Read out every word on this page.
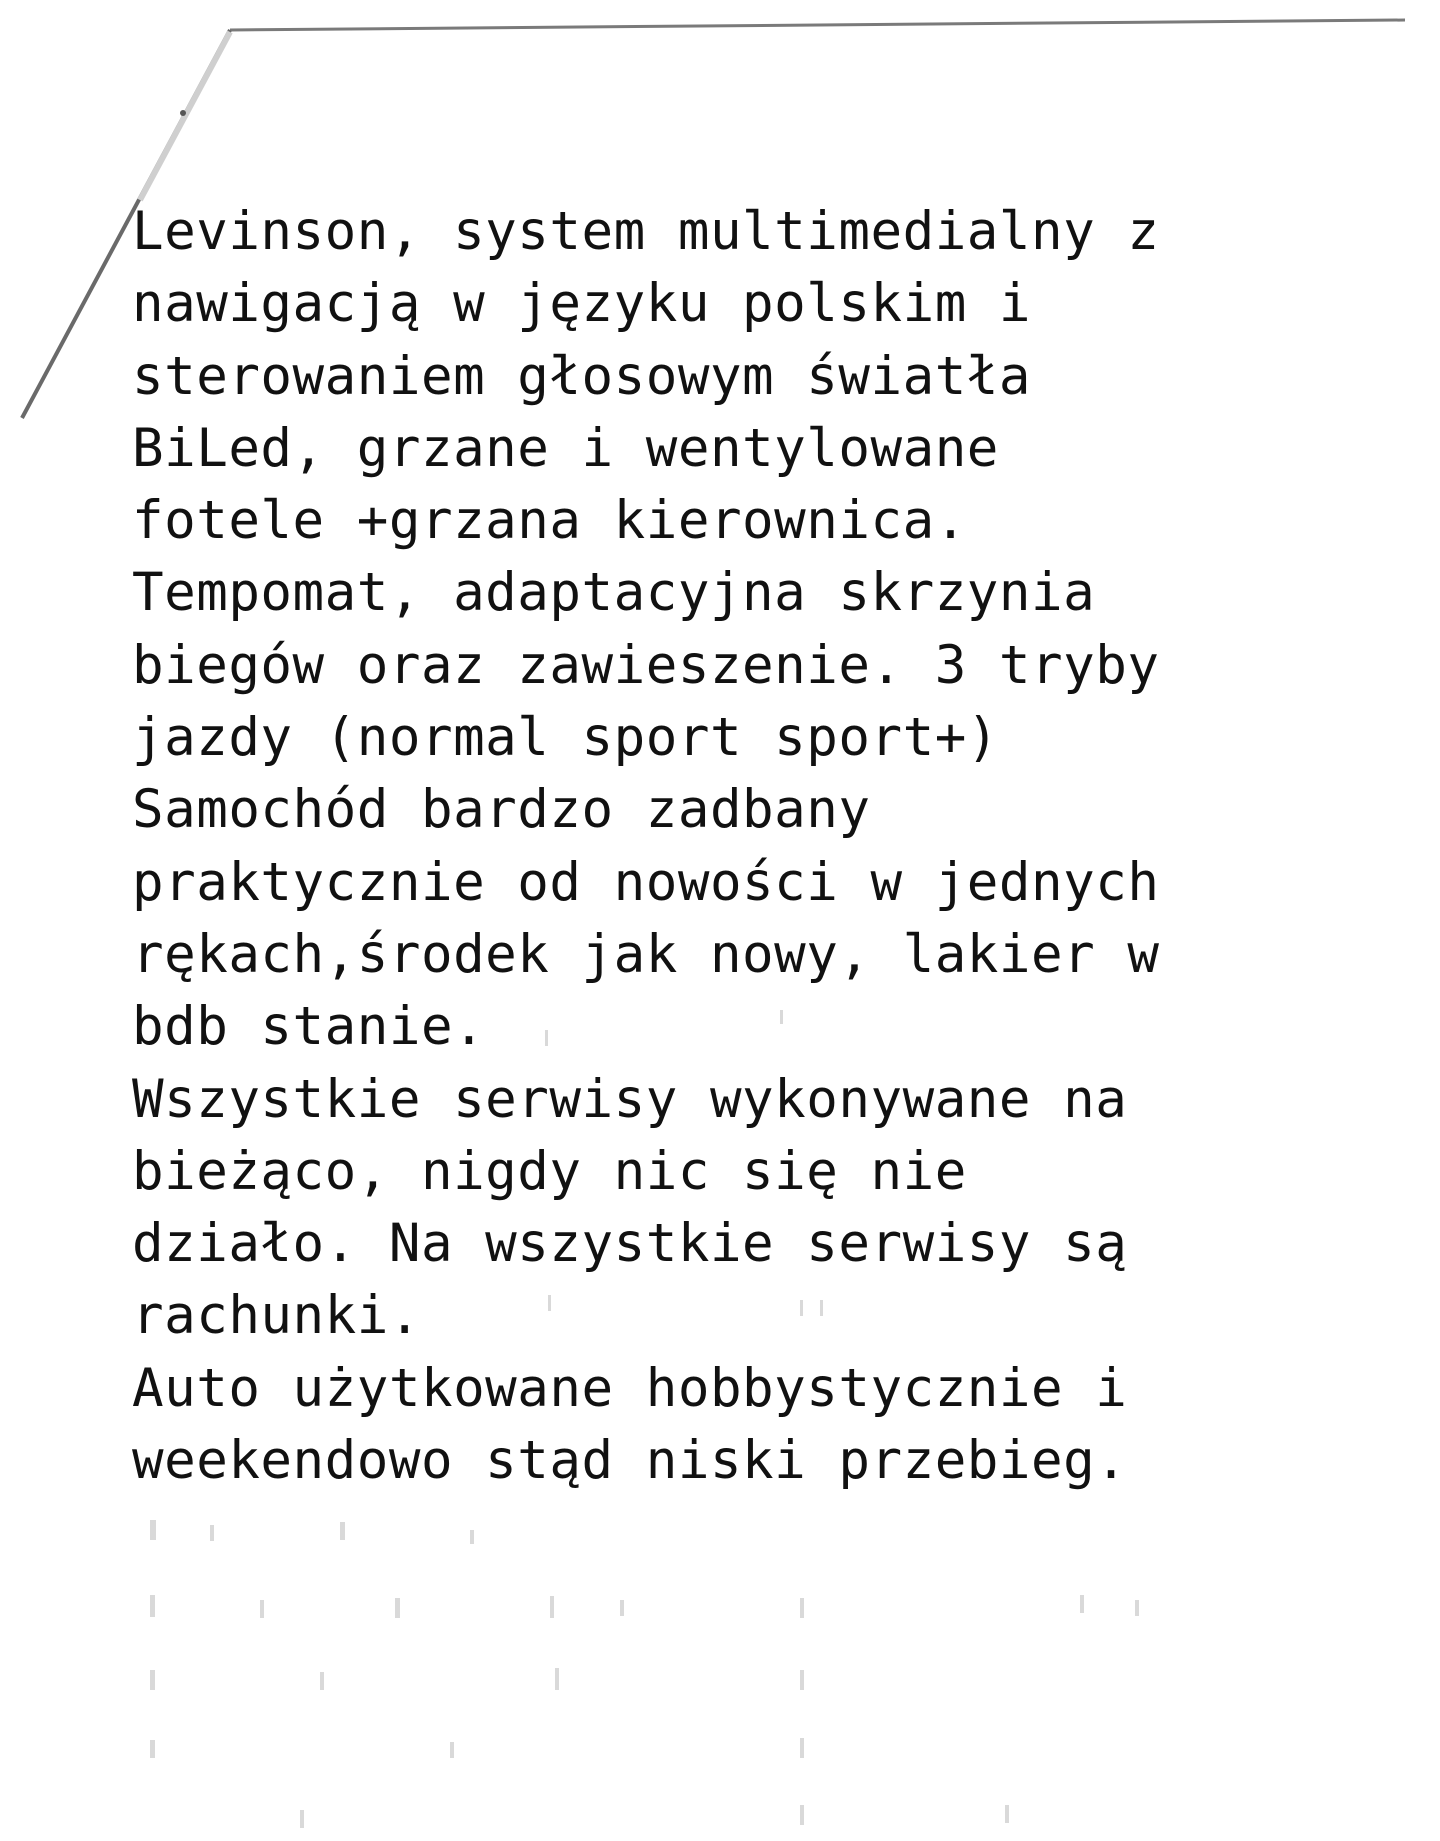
Levinson, system multimedialny z
nawigacją w języku polskim i
sterowaniem głosowym światła
BiLed, grzane i wentylowane
fotele +grzana kierownica.
Tempomat, adaptacyjna skrzynia
biegów oraz zawieszenie. 3 tryby
jazdy (normal sport sport+)
Samochód bardzo zadbany
praktycznie od nowości w jednych
rękach,środek jak nowy, lakier w
bdb stanie.
Wszystkie serwisy wykonywane na
bieżąco, nigdy nic się nie
działo. Na wszystkie serwisy są
rachunki.
Auto użytkowane hobbystycznie i
weekendowo stąd niski przebieg.
